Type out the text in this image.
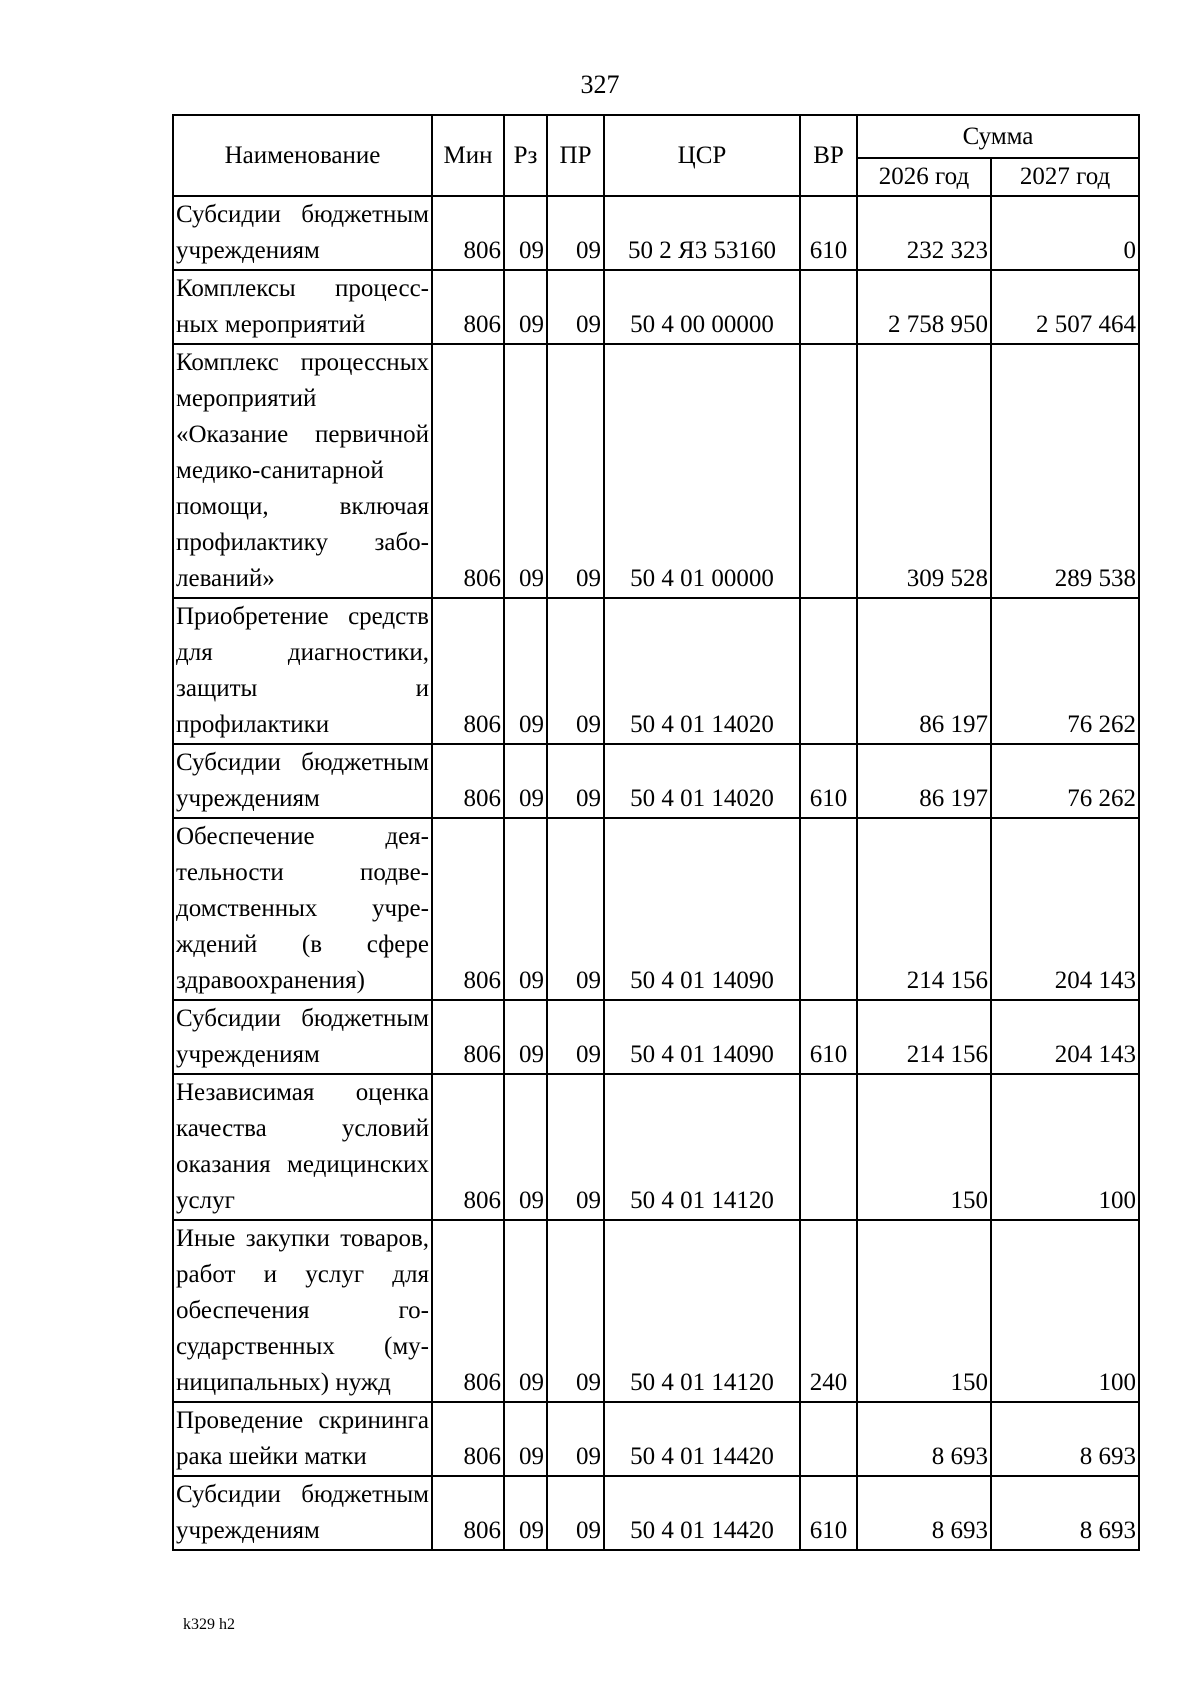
327
Наименование	Мин	Рз	ПР	ЦСР	ВР	Сумма	
						2026 год	2027 год
Субсидии бюджетным учреждениям	806	09	09	50 2 Я3 53160	610	232 323	0
Комплексы процессных мероприятий	806	09	09	50 4 00 00000		2 758 950	2 507 464
Комплекс процессных мероприятий «Оказание первичной медико-санитарной помощи, включая профилактику заболеваний»	806	09	09	50 4 01 00000		309 528	289 538
Приобретение средств для диагностики, защиты и профилактики	806	09	09	50 4 01 14020		86 197	76 262
Субсидии бюджетным учреждениям	806	09	09	50 4 01 14020	610	86 197	76 262
Обеспечение деятельности подведомственных учреждений (в сфере здравоохранения)	806	09	09	50 4 01 14090		214 156	204 143
Субсидии бюджетным учреждениям	806	09	09	50 4 01 14090	610	214 156	204 143
Независимая оценка качества условий оказания медицинских услуг	806	09	09	50 4 01 14120		150	100
Иные закупки товаров, работ и услуг для обеспечения государственных (муниципальных) нужд	806	09	09	50 4 01 14120	240	150	100
Проведение скрининга рака шейки матки	806	09	09	50 4 01 14420		8 693	8 693
Субсидии бюджетным учреждениям	806	09	09	50 4 01 14420	610	8 693	8 693
k329 h2
